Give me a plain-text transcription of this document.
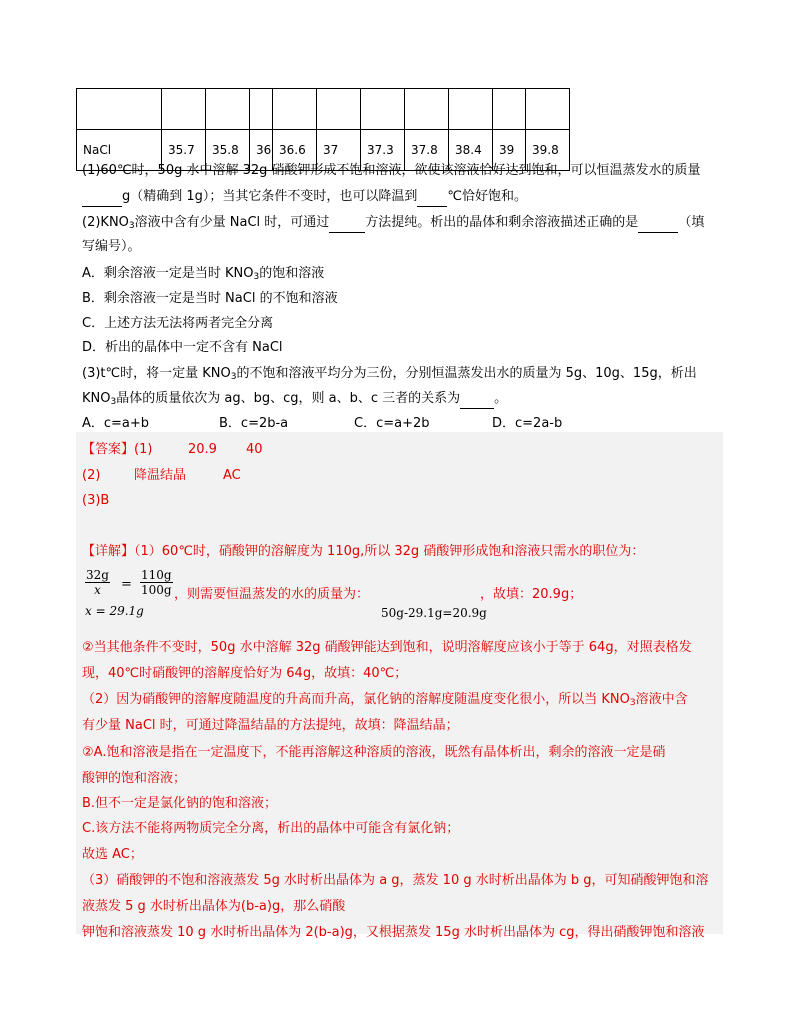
NaCl	35.7	35.8	36	36.6	37	37.3	37.8	38.4	39	39.8
(1)60℃时，50g 水中溶解 32g 硝酸钾形成不饱和溶液，欲使该溶液恰好达到饱和，可以恒温蒸发水的质量
g（精确到 1g）；当其它条件不变时，也可以降温到 ℃恰好饱和。
$(2)KNO_3$溶液中含有少量 NaCl 时，可通过	方法提纯。析出的晶体和剩余溶液描述正确的是	（填
写编号）。
A．剩余溶液一定是当时 $KNO_3$的饱和溶液
B．剩余溶液一定是当时 NaCl 的不饱和溶液
C．上述方法无法将两者完全分离
D．析出的晶体中一定不含有 NaCl
(3)t℃时，将一定量 $KNO_3$的不饱和溶液平均分为三份，分别恒温蒸发出水的质量为 5g、10g、15g，析出
$KNO_3$晶体的质量依次为 ag、bg、cg，则 a、b、c 三者的关系为	。
A．c=a+b	B．c=2b-a	C．c=a+2b	D．c=2a-b
【答案】(1)	20.9 40
(2)	降温结晶	AC
(3)B
【详解】（1）60℃时，硝酸钾的溶解度为 110g,所以 32g 硝酸钾形成饱和溶液只需水的职位为：
$\frac{32g}{x} = \frac{110g}{100g}$ ，则需要恒温蒸发的水的质量为：	，故填：20.9g；
x = 29.1g	50g-29.1g=20.9g
②当其他条件不变时，50g 水中溶解 32g 硝酸钾能达到饱和，说明溶解度应该小于等于 64g，对照表格发
现，40℃时硝酸钾的溶解度恰好为 64g，故填：40℃；
（2）因为硝酸钾的溶解度随温度的升高而升高，氯化钠的溶解度随温度变化很小，所以当 $KNO_3$溶液中含
有少量 NaCl 时，可通过降温结晶的方法提纯，故填：降温结晶；
②A.饱和溶液是指在一定温度下，不能再溶解这种溶质的溶液，既然有晶体析出，剩余的溶液一定是硝
酸钾的饱和溶液；
B.但不一定是氯化钠的饱和溶液；
C.该方法不能将两物质完全分离，析出的晶体中可能含有氯化钠；
故选 AC；
（3）硝酸钾的不饱和溶液蒸发 5g 水时析出晶体为 a g，蒸发 10 g 水时析出晶体为 b g，可知硝酸钾饱和溶
液蒸发 5 g 水时析出晶体为(b-a)g，那么硝酸
钾饱和溶液蒸发 10 g 水时析出晶体为 2(b-a)g，又根据蒸发 15g 水时析出晶体为 cg，得出硝酸钾饱和溶液
